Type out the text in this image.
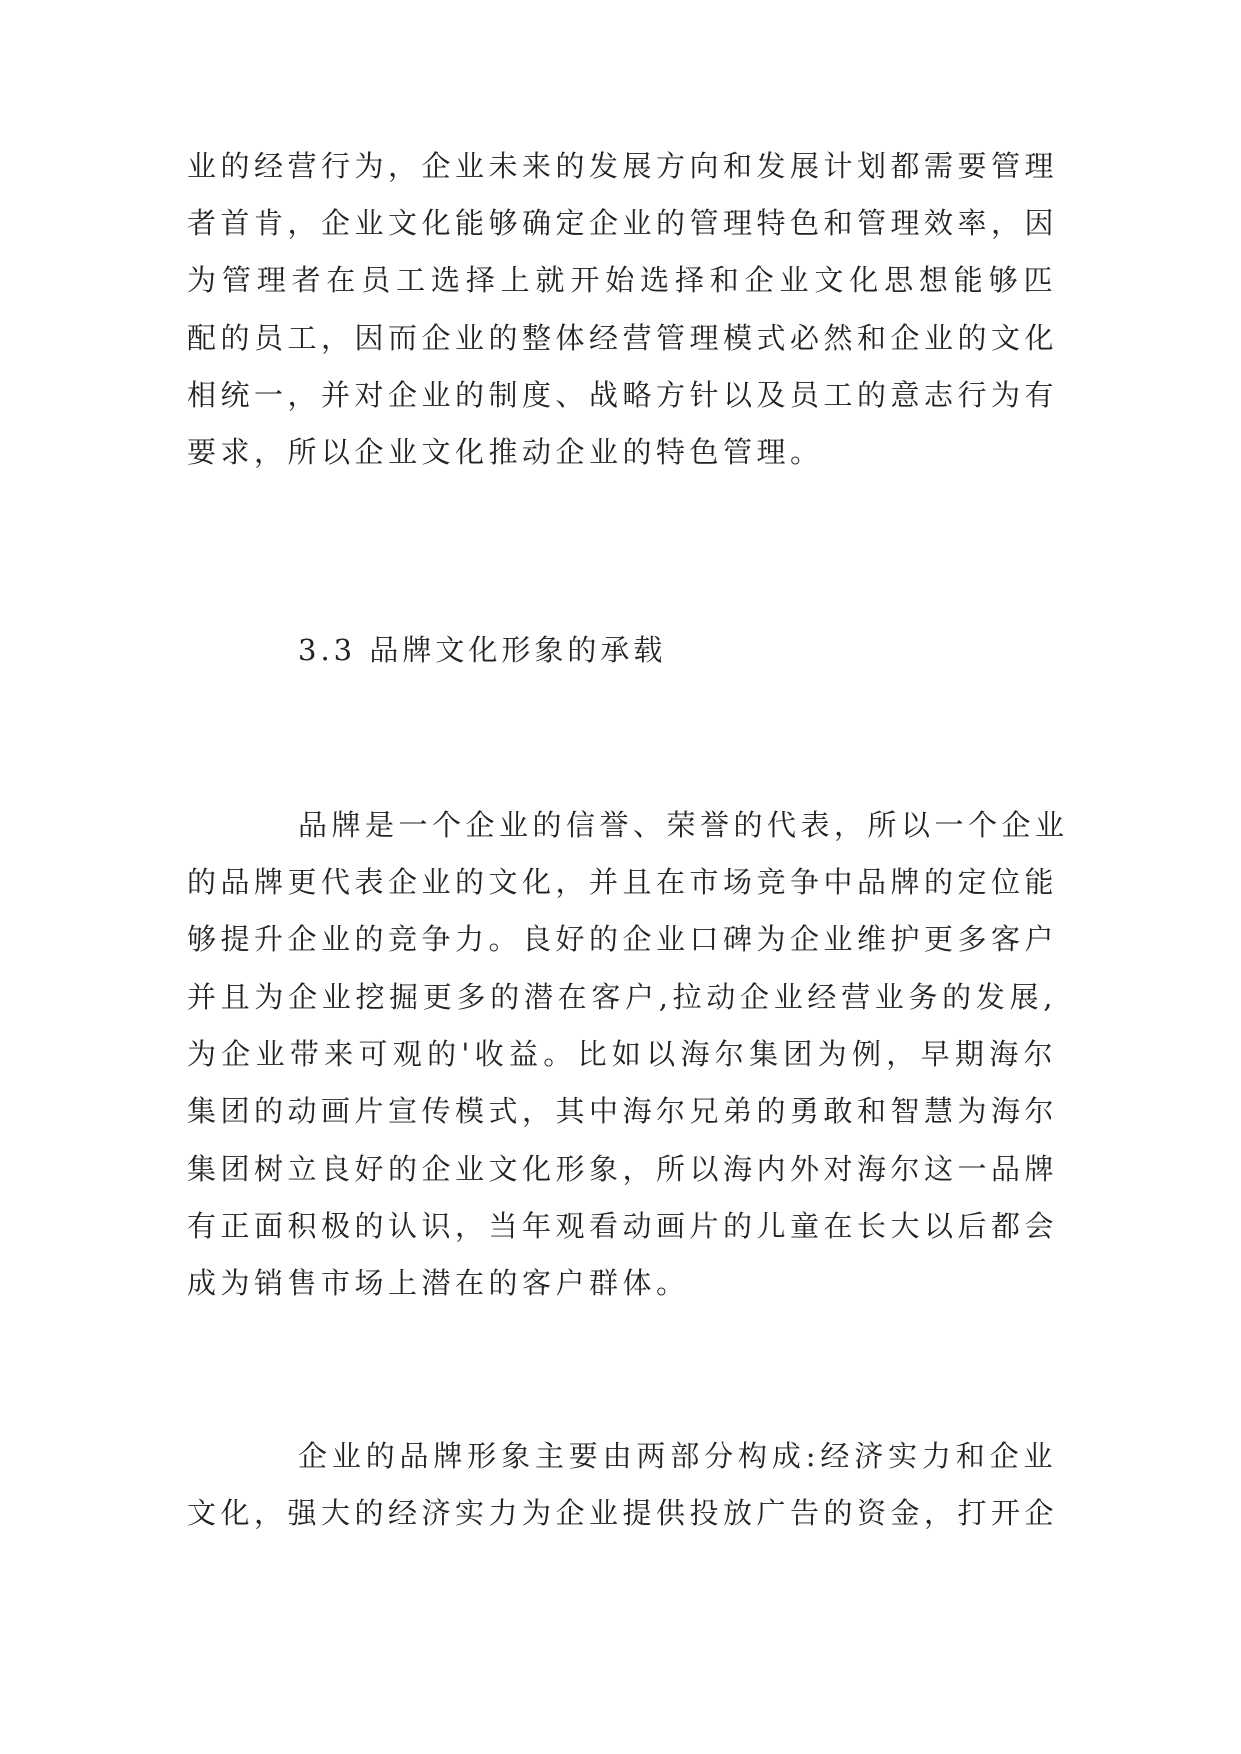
业的经营行为，企业未来的发展方向和发展计划都需要管理
者首肯，企业文化能够确定企业的管理特色和管理效率，因
为管理者在员工选择上就开始选择和企业文化思想能够匹
配的员工，因而企业的整体经营管理模式必然和企业的文化
相统一，并对企业的制度、战略方针以及员工的意志行为有
要求，所以企业文化推动企业的特色管理。
3.3 品牌文化形象的承载
品牌是一个企业的信誉、荣誉的代表，所以一个企业
的品牌更代表企业的文化，并且在市场竞争中品牌的定位能
够提升企业的竞争力。良好的企业口碑为企业维护更多客户
并且为企业挖掘更多的潜在客户,拉动企业经营业务的发展,
为企业带来可观的'收益。比如以海尔集团为例，早期海尔
集团的动画片宣传模式，其中海尔兄弟的勇敢和智慧为海尔
集团树立良好的企业文化形象，所以海内外对海尔这一品牌
有正面积极的认识，当年观看动画片的儿童在长大以后都会
成为销售市场上潜在的客户群体。
企业的品牌形象主要由两部分构成:经济实力和企业
文化，强大的经济实力为企业提供投放广告的资金，打开企
